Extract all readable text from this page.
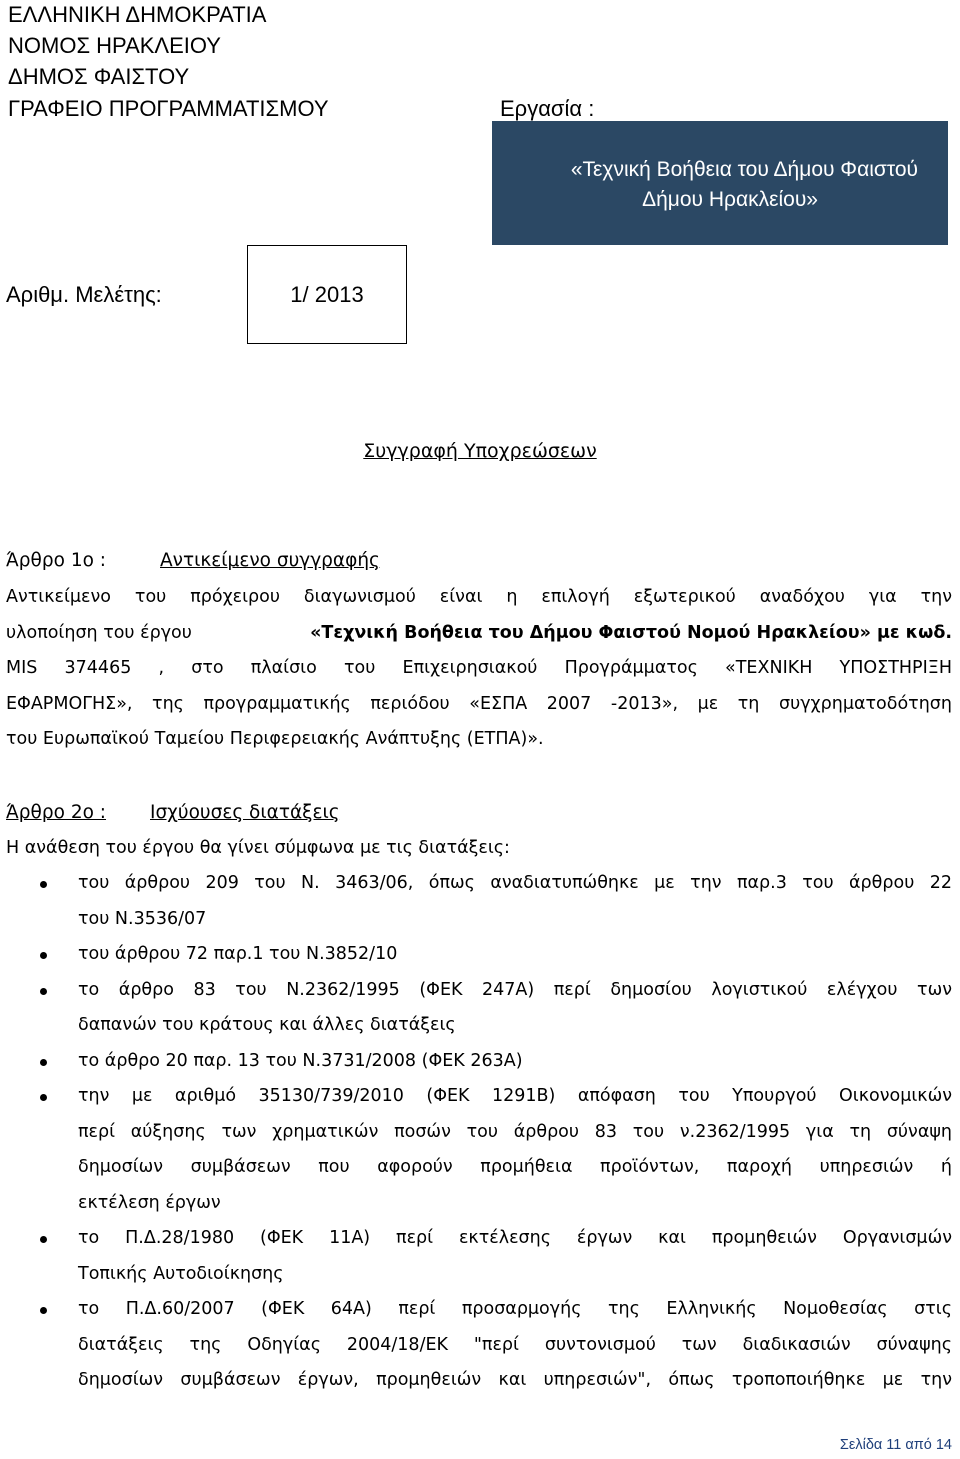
ΕΛΛΗΝΙΚΗ ΔΗΜΟΚΡΑΤΙΑ
ΝΟΜΟΣ ΗΡΑΚΛΕΙΟΥ
ΔΗΜΟΣ ΦΑΙΣΤΟΥ
ΓΡΑΦΕΙΟ ΠΡΟΓΡΑΜΜΑΤΙΣΜΟΥ	Εργασία :
«Τεχνική Βοήθεια του Δήμου Φαιστού
Δήμου Ηρακλείου»
Αριθμ. Μελέτης:	1/ 2013
Συγγραφή Υποχρεώσεων
Άρθρο 1ο :	Αντικείμενο συγγραφής
Αντικείμενο του πρόχειρου διαγωνισμού είναι η επιλογή εξωτερικού αναδόχου για την
υλοποίηση του έργου	«Τεχνική Βοήθεια του Δήμου Φαιστού Νομού Ηρακλείου» με κωδ.
MIS 374465 , στο πλαίσιο του Επιχειρησιακού Προγράμματος «ΤΕΧΝΙΚΗ ΥΠΟΣΤΗΡΙΞΗ
ΕΦΑΡΜΟΓΗΣ», της προγραμματικής περιόδου «ΕΣΠΑ 2007 -2013», με τη συγχρηματοδότηση
του Ευρωπαϊκού Ταμείου Περιφερειακής Ανάπτυξης (ΕΤΠΑ)».
Άρθρο 2ο : Ισχύουσες διατάξεις
Η ανάθεση του έργου θα γίνει σύμφωνα με τις διατάξεις:
του άρθρου 209 του Ν. 3463/06, όπως αναδιατυπώθηκε με την παρ.3 του άρθρου 22
του Ν.3536/07
του άρθρου 72 παρ.1 του Ν.3852/10
το άρθρο 83 του Ν.2362/1995 (ΦΕΚ 247Α) περί δημοσίου λογιστικού ελέγχου των
δαπανών του κράτους και άλλες διατάξεις
το άρθρο 20 παρ. 13 του Ν.3731/2008 (ΦΕΚ 263Α)
την με αριθμό 35130/739/2010 (ΦΕΚ 1291Β) απόφαση του Υπουργού Οικονομικών
περί αύξησης των χρηματικών ποσών του άρθρου 83 του ν.2362/1995 για τη σύναψη
δημοσίων συμβάσεων που αφορούν προμήθεια προϊόντων, παροχή υπηρεσιών ή
εκτέλεση έργων
το Π.Δ.28/1980 (ΦΕΚ 11Α) περί εκτέλεσης έργων και προμηθειών Οργανισμών
Τοπικής Αυτοδιοίκησης
το Π.Δ.60/2007 (ΦΕΚ 64Α) περί προσαρμογής της Ελληνικής Νομοθεσίας στις
διατάξεις της Οδηγίας 2004/18/ΕΚ "περί συντονισμού των διαδικασιών σύναψης
δημοσίων συμβάσεων έργων, προμηθειών και υπηρεσιών", όπως τροποποιήθηκε με την
Σελίδα 11 από 14
